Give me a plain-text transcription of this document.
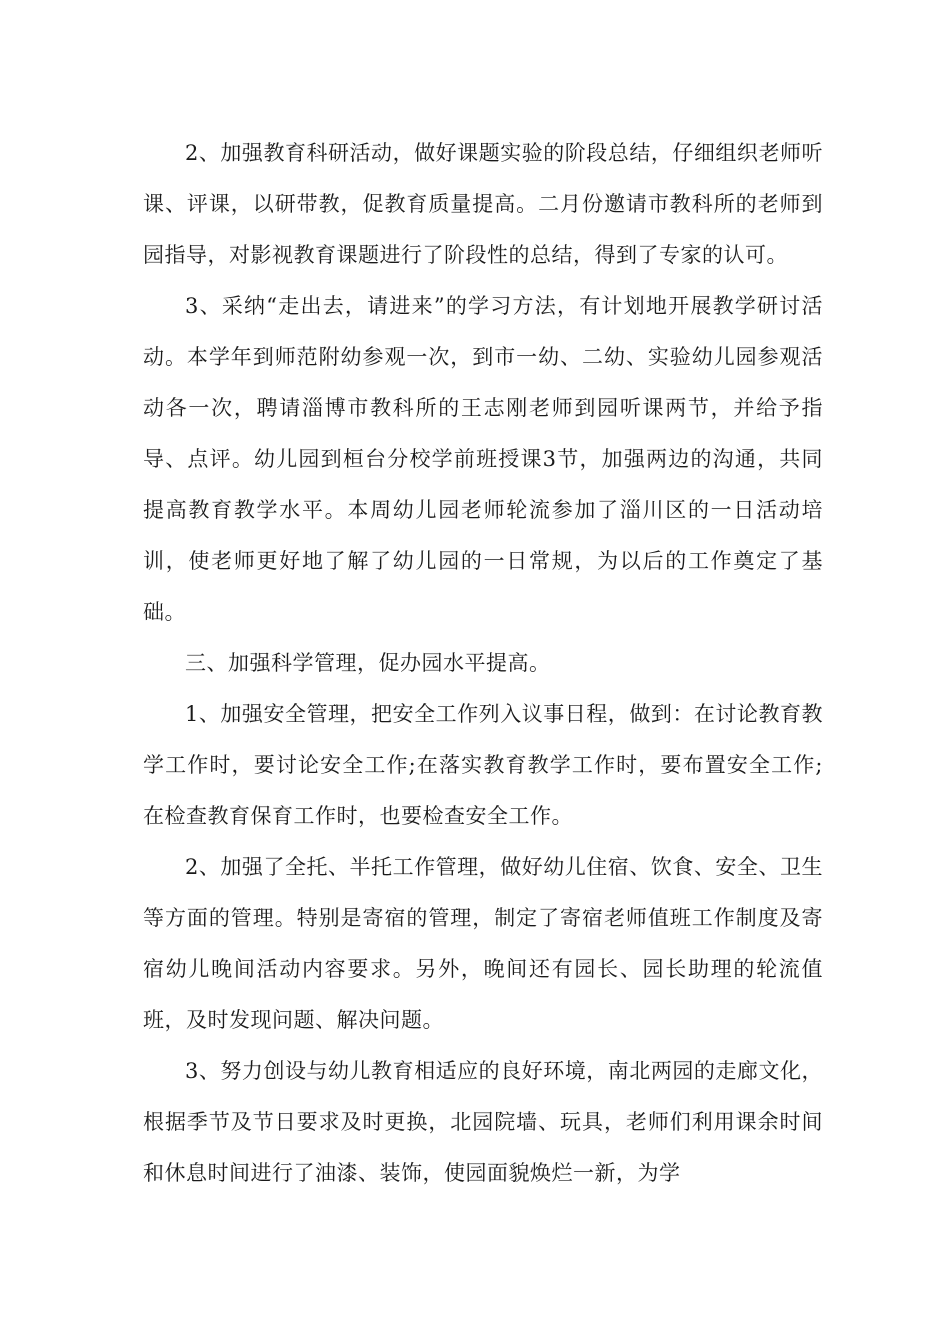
2、加强教育科研活动，做好课题实验的阶段总结，仔细组织老师听课、评课，以研带教，促教育质量提高。二月份邀请市教科所的老师到园指导，对影视教育课题进行了阶段性的总结，得到了专家的认可。

3、采纳“走出去，请进来”的学习方法，有计划地开展教学研讨活动。本学年到师范附幼参观一次，到市一幼、二幼、实验幼儿园参观活动各一次，聘请淄博市教科所的王志刚老师到园听课两节，并给予指导、点评。幼儿园到桓台分校学前班授课3节，加强两边的沟通，共同提高教育教学水平。本周幼儿园老师轮流参加了淄川区的一日活动培训，使老师更好地了解了幼儿园的一日常规，为以后的工作奠定了基础。

三、加强科学管理，促办园水平提高。

1、加强安全管理，把安全工作列入议事日程，做到：在讨论教育教学工作时，要讨论安全工作;在落实教育教学工作时，要布置安全工作;在检查教育保育工作时，也要检查安全工作。

2、加强了全托、半托工作管理，做好幼儿住宿、饮食、安全、卫生等方面的管理。特别是寄宿的管理，制定了寄宿老师值班工作制度及寄宿幼儿晚间活动内容要求。另外，晚间还有园长、园长助理的轮流值班，及时发现问题、解决问题。

3、努力创设与幼儿教育相适应的良好环境，南北两园的走廊文化，根据季节及节日要求及时更换，北园院墙、玩具，老师们利用课余时间和休息时间进行了油漆、装饰，使园面貌焕烂一新，为学
